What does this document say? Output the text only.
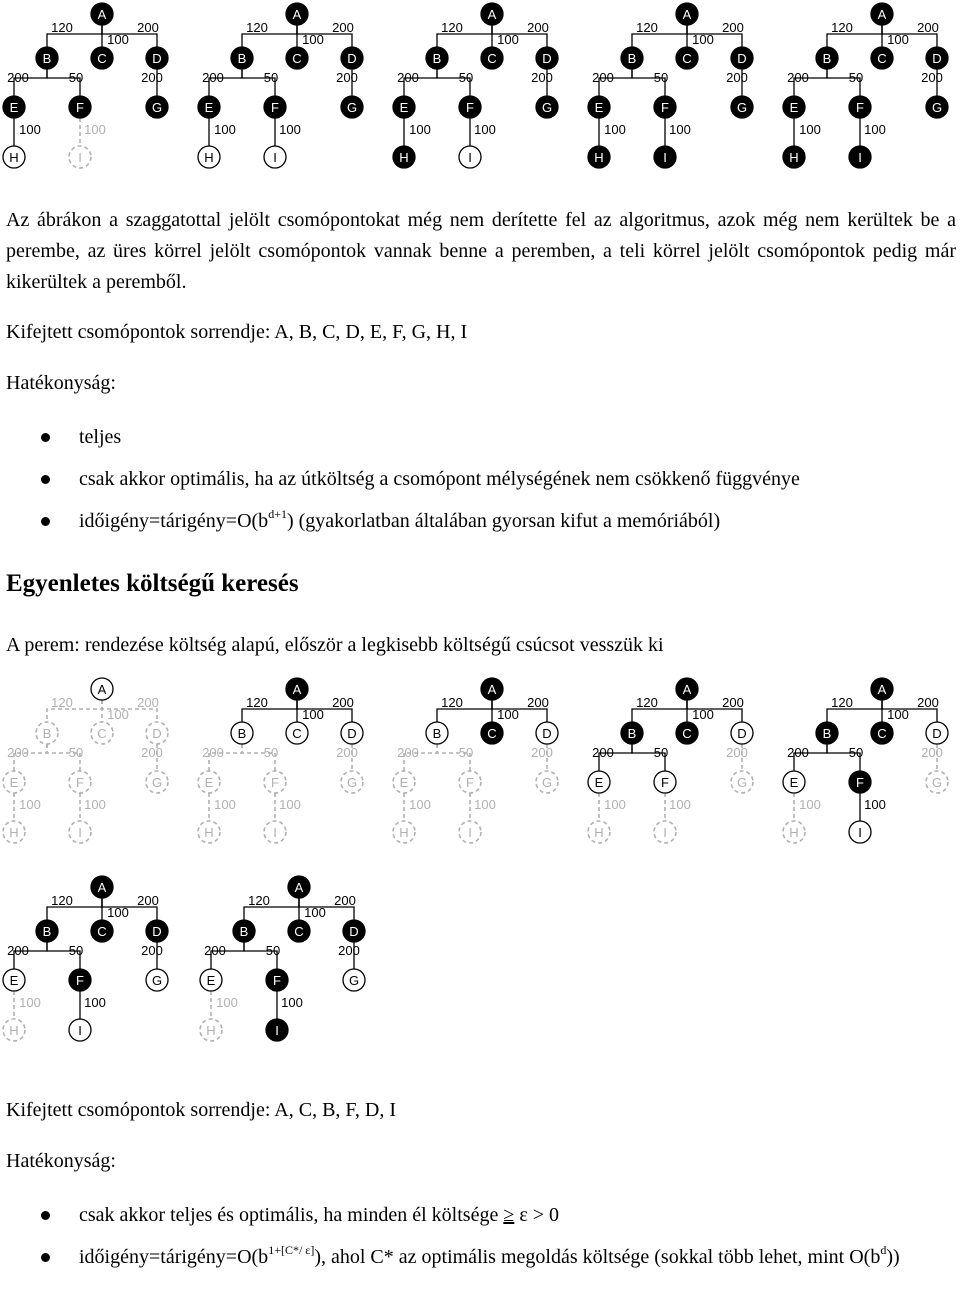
120
100
200
200	50	200
100	100
A
B	C	D
E	F	G
H	I
120
100
200
200	50	200
100	100
A
B	C	D
E	F	G
H	I
120
100
200
200	50	200
100	100
A
B	C	D
E	F	G
H	I
120
100
200
200	50	200
100	100
A
B	C	D
E	F	G
H	I
120
100
200
200	50	200
100	100
A
B	C	D
E	F	G
H	I

Az ábrákon a szaggatottal jelölt csomópontokat még nem derítette fel az algoritmus, azok még nem kerültek be a perembe, az üres körrel jelölt csomópontok vannak benne a peremben, a teli körrel jelölt csomópontok pedig már kikerültek a peremből.

Kifejtett csomópontok sorrendje: A, B, C, D, E, F, G, H, I

Hatékonyság:

teljes
csak akkor optimális, ha az útköltség a csomópont mélységének nem csökkenő függvénye
$időigény=tárigény=O(b^{d+1})$ (gyakorlatban általában gyorsan kifut a memóriából)
Egyenletes költségű keresés

A perem: rendezése költség alapú, először a legkisebb költségű csúcsot vesszük ki

120
100
200
200	50	200
100	100
A
B	C	D
E	F	G
H	I
120
100
200
200	50	200
100	100
A
B	C	D
E	F	G
H	I
120
100
200
200	50	200
100	100
A
B	C	D
E	F	G
H	I
120
100
200
200	50	200
100	100
A
B	C	D
E	F	G
H	I
120
100
200
200	50	200
100	100
A
B	C	D
E	F	G
H	I
120
100
200
200	50	200
100	100
A
B	C	D
E	F	G
H	I
120
100
200
200	50	200
100	100
A
B	C	D
E	F	G
H	I

Kifejtett csomópontok sorrendje: A, C, B, F, D, I

Hatékonyság:

csak akkor teljes és optimális, ha minden él költsége ≥ ε > 0
$időigény=tárigény=O(b^{1+[C*/ \varepsilon]})$, ahol C* az optimális megoldás költsége (sokkal több lehet, mint $O(b^d)$)
